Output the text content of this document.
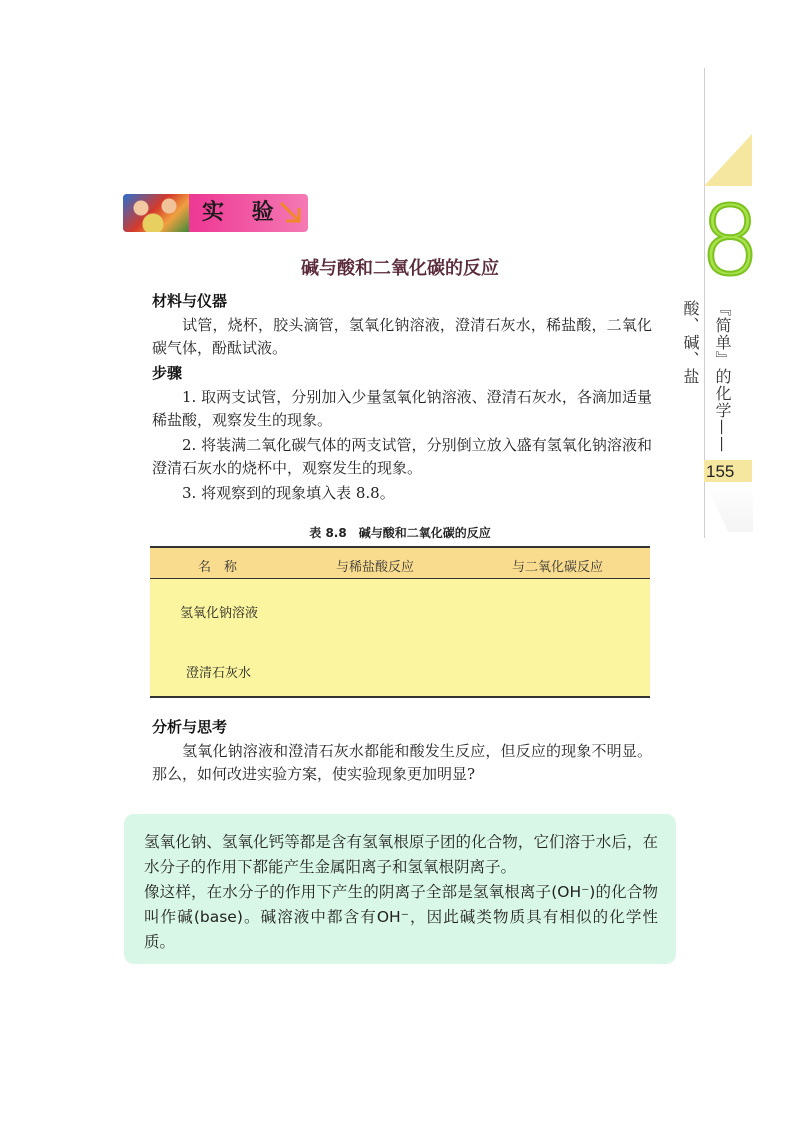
8
『简单』的化学——酸、碱、盐
155
实 验
碱与酸和二氧化碳的反应
材料与仪器

试管，烧杯，胶头滴管，氢氧化钠溶液，澄清石灰水，稀盐酸，二氧化碳气体，酚酞试液。

步骤

1. 取两支试管，分别加入少量氢氧化钠溶液、澄清石灰水，各滴加适量稀盐酸，观察发生的现象。

2. 将装满二氧化碳气体的两支试管，分别倒立放入盛有氢氧化钠溶液和澄清石灰水的烧杯中，观察发生的现象。

3. 将观察到的现象填入表 8.8。

表 8.8　碱与酸和二氧化碳的反应
名　称	与稀盐酸反应	与二氧化碳反应
氢氧化钠溶液
澄清石灰水
分析与思考

氢氧化钠溶液和澄清石灰水都能和酸发生反应，但反应的现象不明显。那么，如何改进实验方案，使实验现象更加明显?

氢氧化钠、氢氧化钙等都是含有氢氧根原子团的化合物，它们溶于水后，在水分子的作用下都能产生金属阳离子和氢氧根阴离子。

像这样，在水分子的作用下产生的阴离子全部是氢氧根离子(OH⁻)的化合物叫作碱(base)。碱溶液中都含有OH⁻，因此碱类物质具有相似的化学性质。
